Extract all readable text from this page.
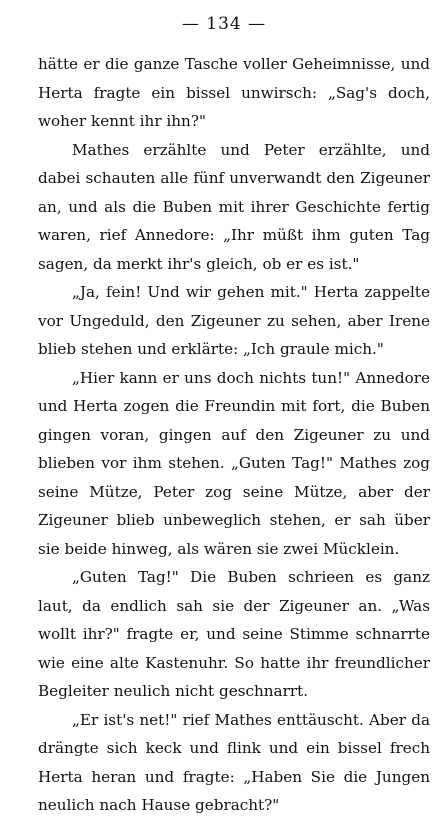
— 134 —

hätte er die ganze Tasche voller Geheimnisse, und Herta fragte ein bissel unwirsch: „Sag's doch, woher kennt ihr ihn?"

Mathes erzählte und Peter erzählte, und dabei schauten alle fünf unverwandt den Zigeuner an, und als die Buben mit ihrer Geschichte fertig waren, rief Annedore: „Ihr müßt ihm guten Tag sagen, da merkt ihr's gleich, ob er es ist."

„Ja, fein! Und wir gehen mit." Herta zappelte vor Ungeduld, den Zigeuner zu sehen, aber Irene blieb stehen und erklärte: „Ich graule mich."

„Hier kann er uns doch nichts tun!" Annedore und Herta zogen die Freundin mit fort, die Buben gingen voran, gingen auf den Zigeuner zu und blieben vor ihm stehen. „Guten Tag!" Mathes zog seine Mütze, Peter zog seine Mütze, aber der Zigeuner blieb unbeweglich stehen, er sah über sie beide hinweg, als wären sie zwei Mücklein.

„Guten Tag!" Die Buben schrieen es ganz laut, da endlich sah sie der Zigeuner an. „Was wollt ihr?" fragte er, und seine Stimme schnarrte wie eine alte Kastenuhr. So hatte ihr freundlicher Begleiter neulich nicht geschnarrt.

„Er ist's net!" rief Mathes enttäuscht. Aber da drängte sich keck und flink und ein bissel frech Herta heran und fragte: „Haben Sie die Jungen neulich nach Hause gebracht?"
